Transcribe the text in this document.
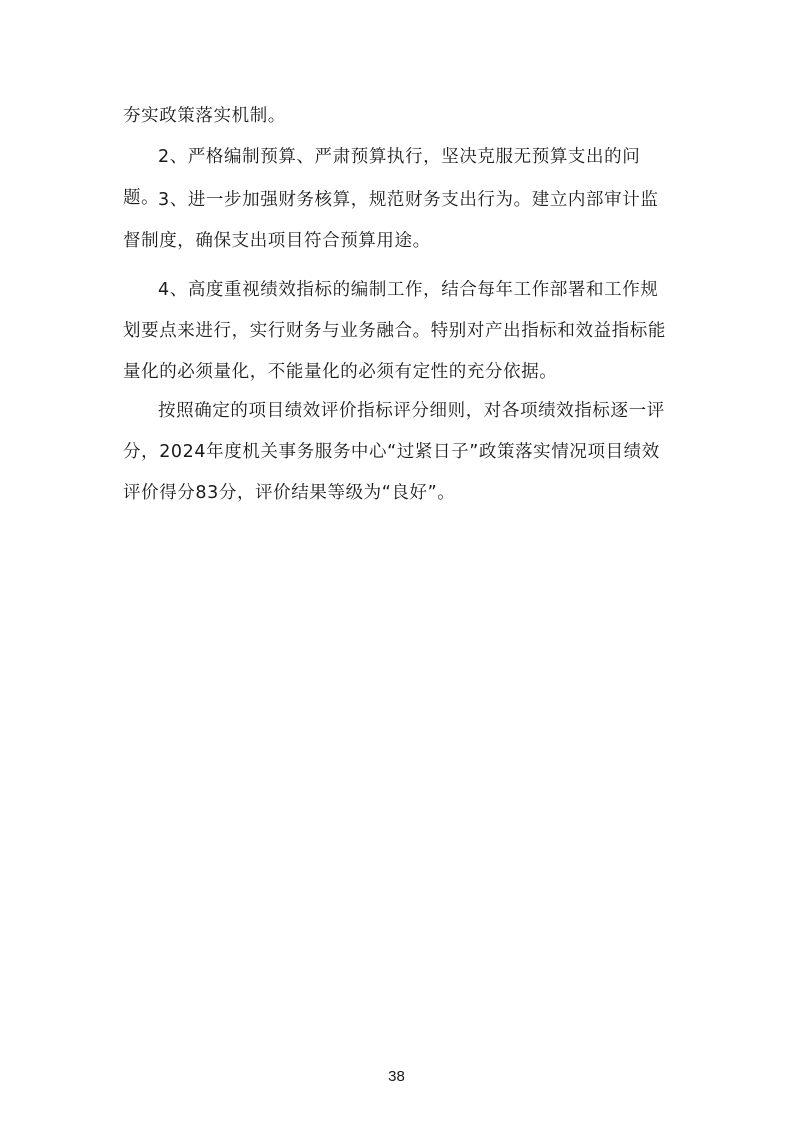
夯实政策落实机制。

2、严格编制预算、严肃预算执行，坚决克服无预算支出的问题。

3、进一步加强财务核算，规范财务支出行为。建立内部审计监督制度，确保支出项目符合预算用途。

4、高度重视绩效指标的编制工作，结合每年工作部署和工作规划要点来进行，实行财务与业务融合。特别对产出指标和效益指标能量化的必须量化，不能量化的必须有定性的充分依据。

按照确定的项目绩效评价指标评分细则，对各项绩效指标逐一评分，2024年度机关事务服务中心“过紧日子”政策落实情况项目绩效评价得分83分，评价结果等级为“良好”。

38
